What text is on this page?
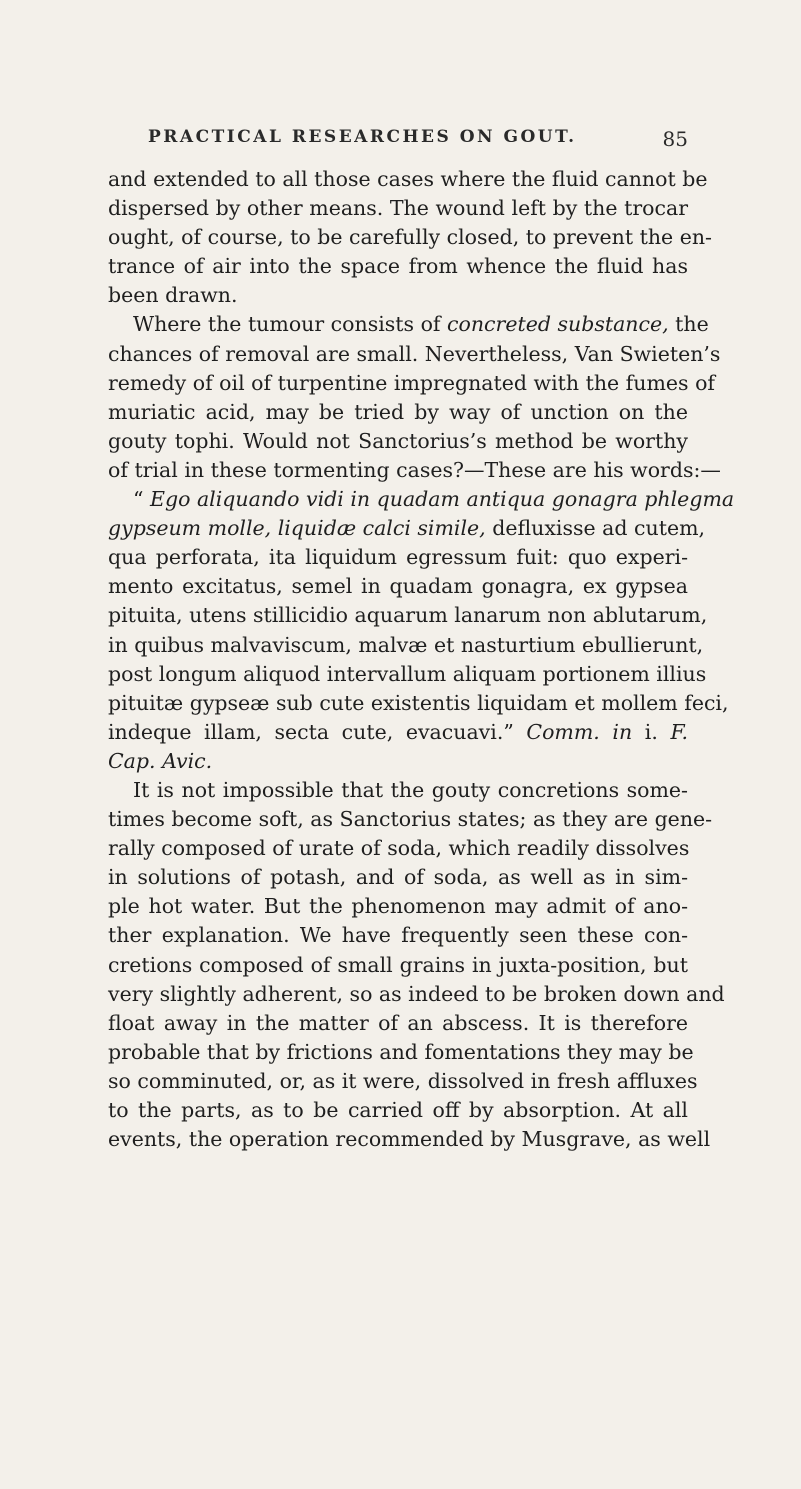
PRACTICAL RESEARCHES ON GOUT.	85
and extended to all those cases where the fluid cannot be
dispersed by other means. The wound left by the trocar
ought, of course, to be carefully closed, to prevent the en-
trance of air into the space from whence the fluid has
been drawn.
Where the tumour consists of concreted substance, the
chances of removal are small. Nevertheless, Van Swieten’s
remedy of oil of turpentine impregnated with the fumes of
muriatic acid, may be tried by way of unction on the
gouty tophi. Would not Sanctorius’s method be worthy
of trial in these tormenting cases?—These are his words:—
“ Ego aliquando vidi in quadam antiqua gonagra phlegma
gypseum molle, liquidæ calci simile, defluxisse ad cutem,
qua perforata, ita liquidum egressum fuit: quo experi-
mento excitatus, semel in quadam gonagra, ex gypsea
pituita, utens stillicidio aquarum lanarum non ablutarum,
in quibus malvaviscum, malvæ et nasturtium ebullierunt,
post longum aliquod intervallum aliquam portionem illius
pituitæ gypseæ sub cute existentis liquidam et mollem feci,
indeque illam, secta cute, evacuavi.” Comm. in i. F.
Cap. Avic.
It is not impossible that the gouty concretions some-
times become soft, as Sanctorius states; as they are gene-
rally composed of urate of soda, which readily dissolves
in solutions of potash, and of soda, as well as in sim-
ple hot water. But the phenomenon may admit of ano-
ther explanation. We have frequently seen these con-
cretions composed of small grains in juxta-position, but
very slightly adherent, so as indeed to be broken down and
float away in the matter of an abscess. It is therefore
probable that by frictions and fomentations they may be
so comminuted, or, as it were, dissolved in fresh affluxes
to the parts, as to be carried off by absorption. At all
events, the operation recommended by Musgrave, as well
